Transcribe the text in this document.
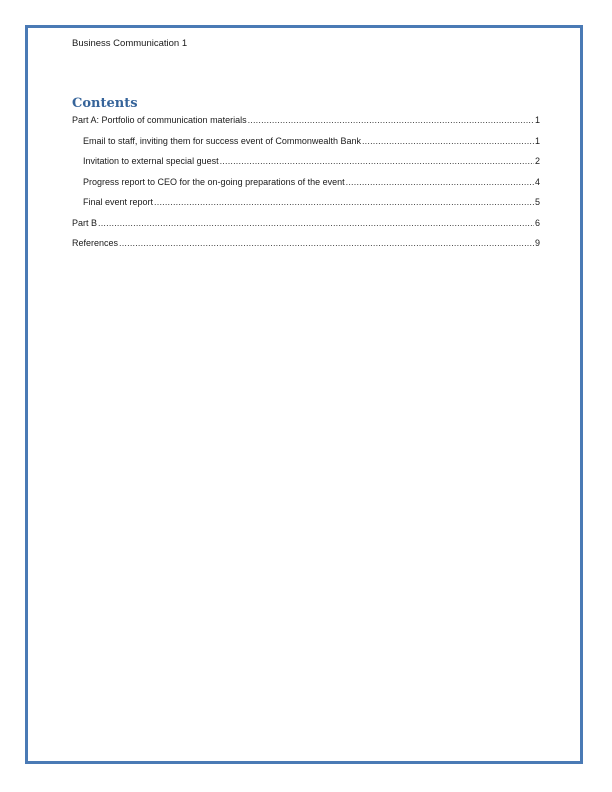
Business Communication 1
Contents
Part A: Portfolio of communication materials .....	1
Email to staff, inviting them for success event of Commonwealth Bank .....	1
Invitation to external special guest .....	2
Progress report to CEO for the on-going preparations of the event .....	4
Final event report .....	5
Part B .....	6
References .....	9
